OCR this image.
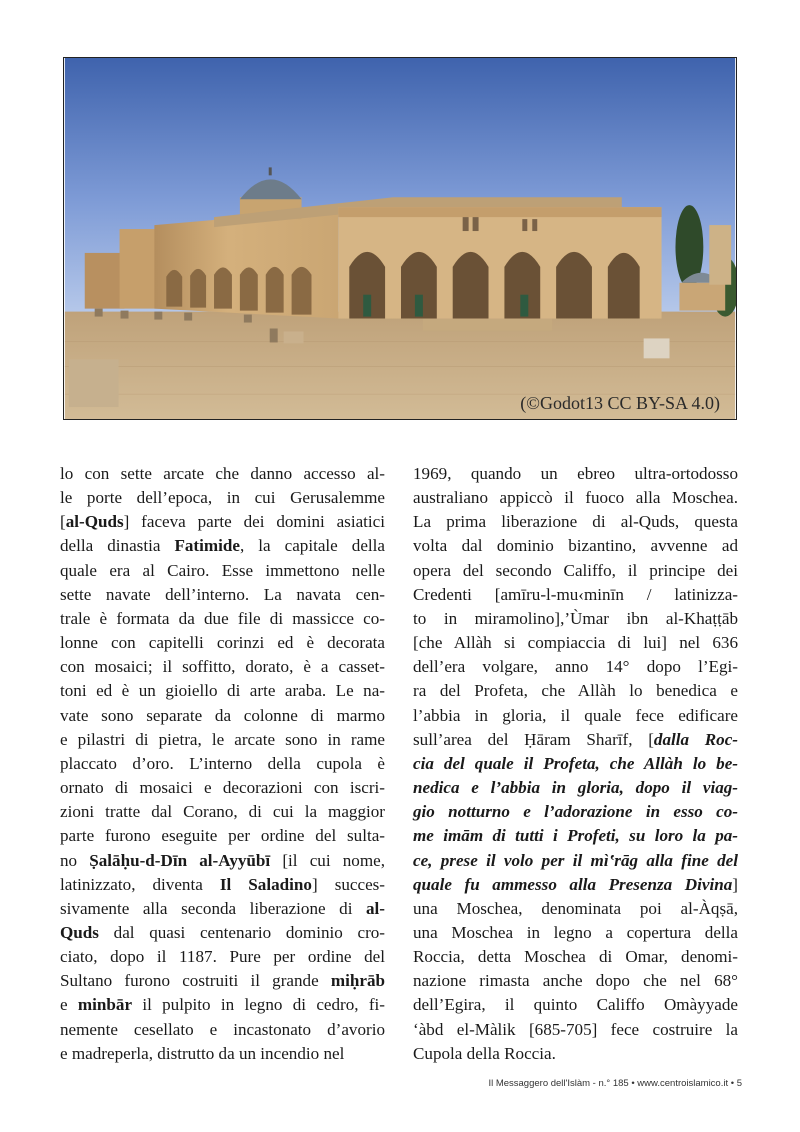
(©Godot13 CC BY-SA 4.0)
lo con sette arcate che danno accesso al-
le porte dell’epoca, in cui Gerusalemme
[al-Quds] faceva parte dei domini asiatici
della dinastia Fatimide, la capitale della
quale era al Cairo. Esse immettono nelle
sette navate dell’interno. La navata cen-
trale è formata da due file di massicce co-
lonne con capitelli corinzi ed è decorata
con mosaici; il soffitto, dorato, è a casset-
toni ed è un gioiello di arte araba. Le na-
vate sono separate da colonne di marmo
e pilastri di pietra, le arcate sono in rame
placcato d’oro. L’interno della cupola è
ornato di mosaici e decorazioni con iscri-
zioni tratte dal Corano, di cui la maggior
parte furono eseguite per ordine del sulta-
no Ṣalāḥu-d-Dīn al-Ayyūbī [il cui nome,
latinizzato, diventa Il Saladino] succes-
sivamente alla seconda liberazione di al-
Quds dal quasi centenario dominio cro-
ciato, dopo il 1187. Pure per ordine del
Sultano furono costruiti il grande miḥrāb
e minbār il pulpito in legno di cedro, fi-
nemente cesellato e incastonato d’avorio
e madreperla, distrutto da un incendio nel
1969, quando un ebreo ultra-ortodosso
australiano appiccò il fuoco alla Moschea.
La prima liberazione di al-Quds, questa
volta dal dominio bizantino, avvenne ad
opera del secondo Califfo, il principe dei
Credenti [amīru-l-mu‹minīn / latinizza-
to in miramolino],’Ùmar ibn al-Khaṭṭāb
[che Allàh si compiaccia di lui] nel 636
dell’era volgare, anno 14° dopo l’Egi-
ra del Profeta, che Allàh lo benedica e
l’abbia in gloria, il quale fece edificare
sull’area del Ḥāram Sharīf, [dalla Roc-
cia del quale il Profeta, che Allàh lo be-
nedica e l’abbia in gloria, dopo il viag-
gio notturno e l’adorazione in esso co-
me imām di tutti i Profeti, su loro la pa-
ce, prese il volo per il mì‛rāg alla fine del
quale fu ammesso alla Presenza Divina]
una Moschea, denominata poi al-Àqṣā,
una Moschea in legno a copertura della
Roccia, detta Moschea di Omar, denomi-
nazione rimasta anche dopo che nel 68°
dell’Egira, il quinto Califfo Omàyyade
‘àbd el-Màlik [685-705] fece costruire la
Cupola della Roccia.
Il Messaggero dell'Islàm - n.° 185 • www.centroislamico.it • 5
